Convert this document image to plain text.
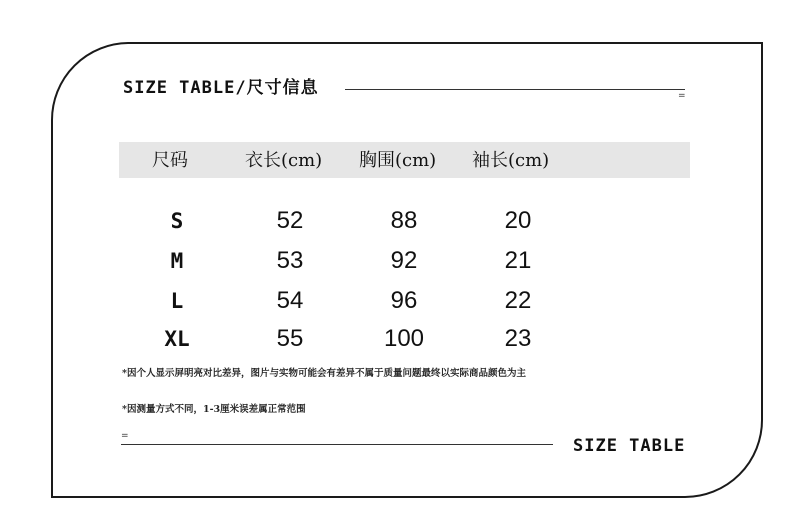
SIZE TABLE/尺寸信息	=
尺码	衣长(cm) 胸围(cm) 袖长(cm)
S	52	88	20
M	53	92	21
L	54	96	22
XL	55	100	23
*因个人显示屏明亮对比差异，图片与实物可能会有差异不属于质量问题最终以实际商品颜色为主
*因测量方式不同，1-3厘米误差属正常范围
=	SIZE TABLE
